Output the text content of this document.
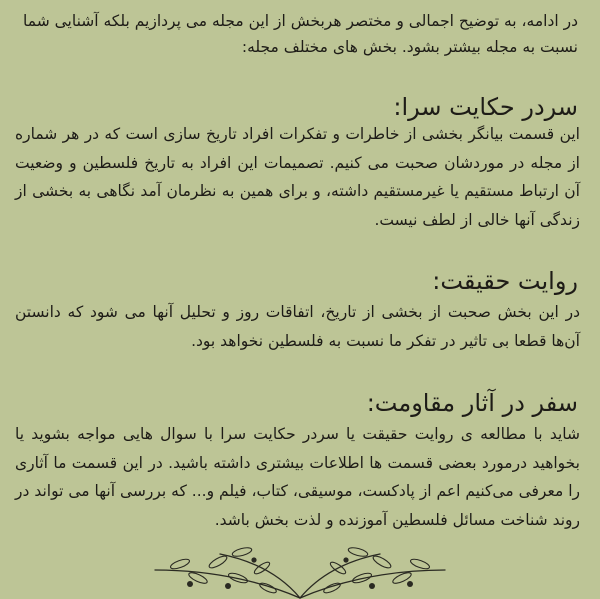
در ادامه، به توضیح اجمالی و مختصر هربخش از این مجله می پردازیم بلکه آشنایی شما نسبت به مجله بیشتر بشود. بخش های مختلف مجله:
سردر حکایت سرا:

این قسمت بیانگر بخشی از خاطرات و تفکرات افراد تاریخ سازی است که در هر شماره از مجله در موردشان صحبت می کنیم. تصمیمات این افراد به تاریخ فلسطین و وضعیت آن ارتباط مستقیم یا غیرمستقیم داشته، و برای همین به نظرمان آمد نگاهی به بخشی از زندگی آنها خالی از لطف نیست.

روایت حقیقت:

در این بخش صحبت از بخشی از تاریخ، اتفاقات روز و تحلیل آنها می شود که دانستن آن‌ها قطعا بی تاثیر در تفکر ما نسبت به فلسطین نخواهد بود.

سفر در آثار مقاومت:

شاید با مطالعه ی روایت حقیقت یا سردر حکایت سرا با سوال هایی مواجه بشوید یا بخواهید درمورد بعضی قسمت ها اطلاعات بیشتری داشته باشید. در این قسمت ما آثاری را معرفی می‌کنیم اعم از پادکست، موسیقی، کتاب، فیلم و... که بررسی آنها می تواند در روند شناخت مسائل فلسطین آموزنده و لذت بخش باشد.
